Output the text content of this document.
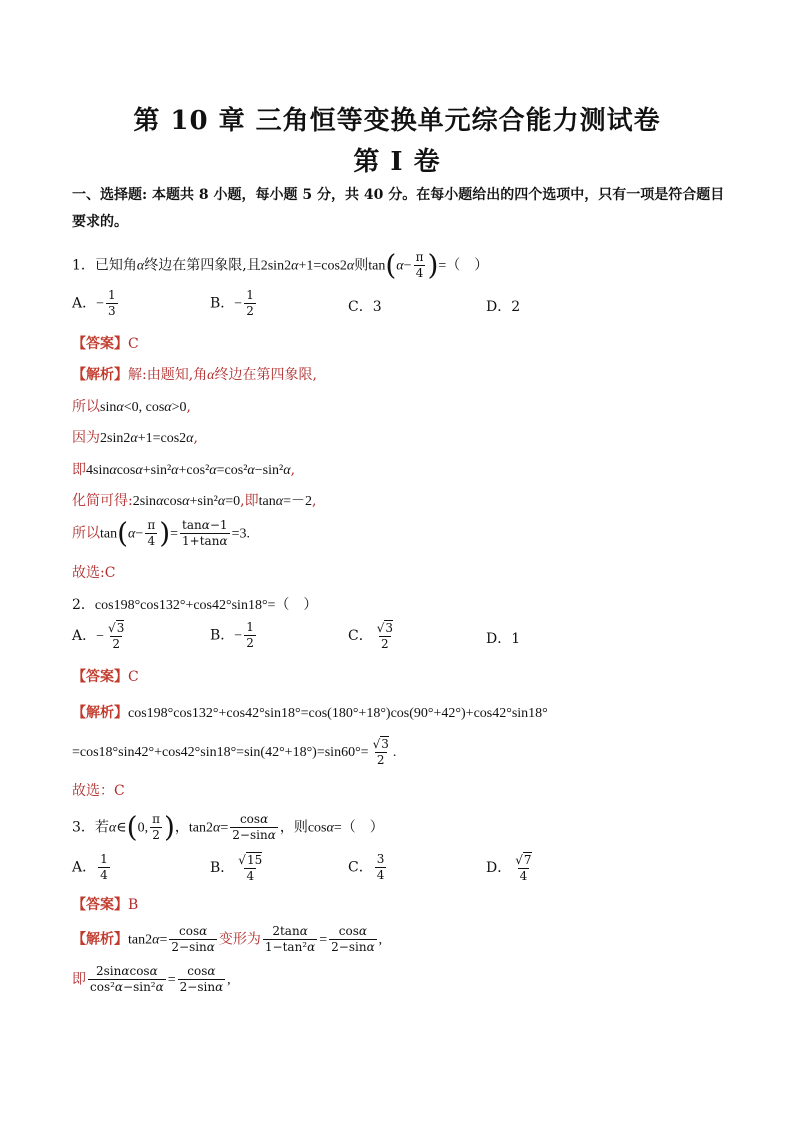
第 10 章 三角恒等变换单元综合能力测试卷
第 I 卷
一、选择题: 本题共 8 小题，每小题 5 分，共 40 分。在每小题给出的四个选项中，只有一项是符合题目要求的。
1．已知角α终边在第四象限,且2sin2α+1=cos2α则$\tan(\alpha- \frac{\pi}{4}$ )=（　）
A．− $\frac{1}{3}$	B．− $\frac{1}{2}$	C．3	D．2
【答案】C
【解析】解:由题知,角α终边在第四象限,
所以sinα<0, cosα>0,
因为2sin2α+1=cos2α,
即4sinαcosα+sin²α+cos²α=cos²α−sin²α,
化简可得:2sinαcosα+sin²α=0,即tanα=－2,
所以$\tan(\alpha- \frac{\pi}{4}$ )= $\frac{\tan\alpha-1}{1+\tan\alpha} =3$.
故选:C
2．cos198°cos132°+cos42°sin18°=（　）
A．− $\frac{√3}{2}$	B．− $\frac{1}{2}$	C． $\frac{√3}{2}$	D．1
【答案】C
【解析】cos198°cos132°+cos42°sin18°=cos(180°+18°)cos(90°+42°)+cos42°sin18°
$=\cos 18^\circ\sin 42^\circ+\cos 42^\circ\sin 18^\circ=\sin(42^\circ+18^\circ)=\sin 60^\circ= \frac{√3}{2}$ .
故选：C
3．若α∈(0, $\frac{\pi}{2}$ )，$\tan 2\alpha= \frac{\cos\alpha}{2-\sin\alpha}$ ，则cosα=（　）
A． $\frac{1}{4}$	B． $\frac{√15}{4}$	C． $\frac{3}{4}$	D． $\frac{√7}{4}$
【答案】B
【解析】$\tan 2\alpha= \frac{\cos\alpha}{2-\sin\alpha}$ 变形为 $\frac{2\tan\alpha}{\text{1−tan²α}} = \frac{\cos\alpha}{2-\sin\alpha}$ ,
即 $\frac{2\sin\alpha\cos\alpha}{\text{cos²α−sin²α}} = \frac{\cos\alpha}{2-\sin\alpha}$ ,
